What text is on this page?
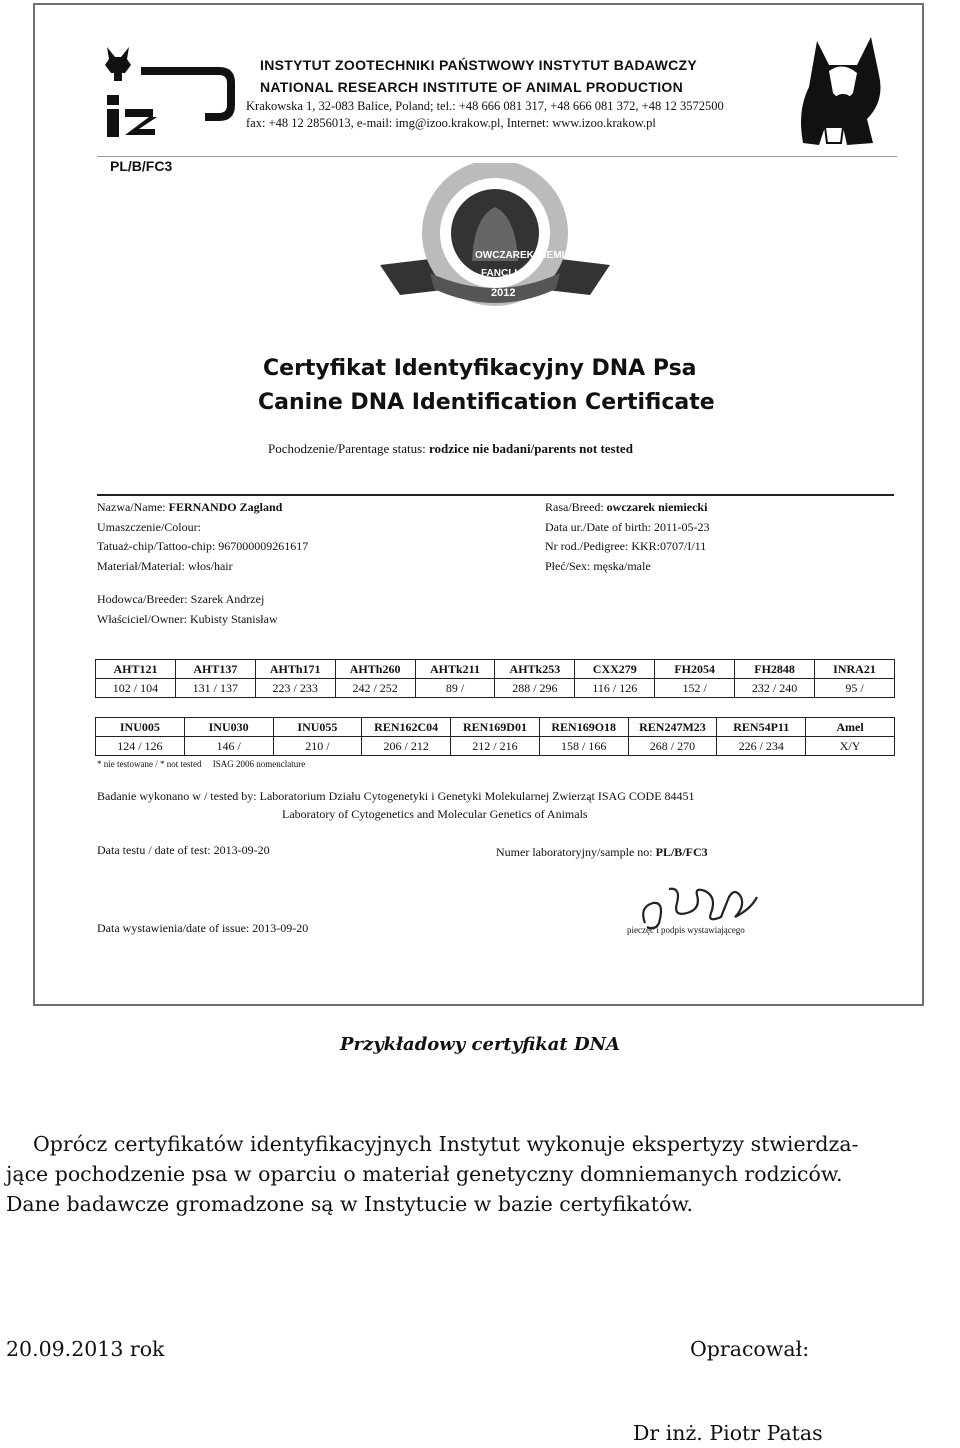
INSTYTUT ZOOTECHNIKI PAŃSTWOWY INSTYTUT BADAWCZY
NATIONAL RESEARCH INSTITUTE OF ANIMAL PRODUCTION
Krakowska 1, 32-083 Balice, Poland; tel.: +48 666 081 317, +48 666 081 372, +48 12 3572500
fax: +48 12 2856013, e-mail: img@izoo.krakow.pl, Internet: www.izoo.krakow.pl
PL/B/FC3
OWCZAREK NIEMIECKI
FANCLUB
2012
Certyfikat Identyfikacyjny DNA Psa
Canine DNA Identification Certificate
Pochodzenie/Parentage status: rodzice nie badani/parents not tested
Nazwa/Name: FERNANDO Zagland
Umaszczenie/Colour:
Tatuaż-chip/Tattoo-chip: 967000009261617
Materiał/Material: włos/hair
Rasa/Breed: owczarek niemiecki
Data ur./Date of birth: 2011-05-23
Nr rod./Pedigree: KKR:0707/I/11
Płeć/Sex: męska/male
Hodowca/Breeder: Szarek Andrzej
Właściciel/Owner: Kubisty Stanisław
AHT121	AHT137	AHTh171	AHTh260	AHTk211	AHTk253	CXX279	FH2054	FH2848	INRA21
102 / 104	131 / 137	223 / 233	242 / 252	89 /	288 / 296	116 / 126	152 /	232 / 240	95 /
INU005	INU030	INU055	REN162C04	REN169D01	REN169O18	REN247M23	REN54P11	Amel
124 / 126	146 /	210 /	206 / 212	212 / 216	158 / 166	268 / 270	226 / 234	X/Y
* nie testowane / * not tested ISAG 2006 nomenclature
Badanie wykonano w / tested by: Laboratorium Działu Cytogenetyki i Genetyki Molekularnej Zwierząt ISAG CODE 84451
Laboratory of Cytogenetics and Molecular Genetics of Animals
Data testu / date of test: 2013-09-20	Numer laboratoryjny/sample no: PL/B/FC3
pieczęć i podpis wystawiającego
Data wystawienia/date of issue: 2013-09-20
Przykładowy certyfikat DNA
Oprócz certyfikatów identyfikacyjnych Instytut wykonuje ekspertyzy stwierdza-
jące pochodzenie psa w oparciu o materiał genetyczny domniemanych rodziców.
Dane badawcze gromadzone są w Instytucie w bazie certyfikatów.
20.09.2013 rok	Opracował:
Dr inż. Piotr Patas
